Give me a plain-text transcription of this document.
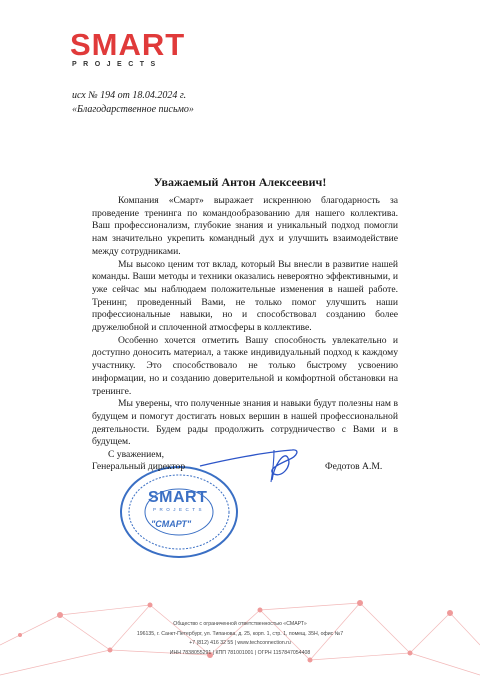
SMART
PROJECTS
исх № 194 от 18.04.2024 г.
«Благодарственное письмо»
Уважаемый Антон Алексеевич!

Компания «Смарт» выражает искреннюю благодарность за проведение тренинга по командообразованию для нашего коллектива. Ваш профессионализм, глубокие знания и уникальный подход помогли нам значительно укрепить командный дух и улучшить взаимодействие между сотрудниками.

Мы высоко ценим тот вклад, который Вы внесли в развитие нашей команды. Ваши методы и техники оказались невероятно эффективными, и уже сейчас мы наблюдаем положительные изменения в нашей работе. Тренинг, проведенный Вами, не только помог улучшить наши профессиональные навыки, но и способствовал созданию более дружелюбной и сплоченной атмосферы в коллективе.

Особенно хочется отметить Вашу способность увлекательно и доступно доносить материал, а также индивидуальный подход к каждому участнику. Это способствовало не только быстрому усвоению информации, но и созданию доверительной и комфортной обстановки на тренинге.

Мы уверены, что полученные знания и навыки будут полезны нам в будущем и помогут достигать новых вершин в нашей профессиональной деятельности. Будем рады продолжить сотрудничество с Вами и в будущем.

SMART
PROJECTS
"СМАРТ"
С уважением,
Генеральный директор	Федотов А.М.
Общество с ограниченной ответственностью «СМАРТ»
196135, г. Санкт-Петербург, ул. Типанова, д. 25, корп. 1, стр. 1, помещ. 35Н, офис №7
+7 (812) 416 32 55 | www.techconnection.ru
ИНН 7838055291 | КПП 781001001 | ОГРН 1157847054408
